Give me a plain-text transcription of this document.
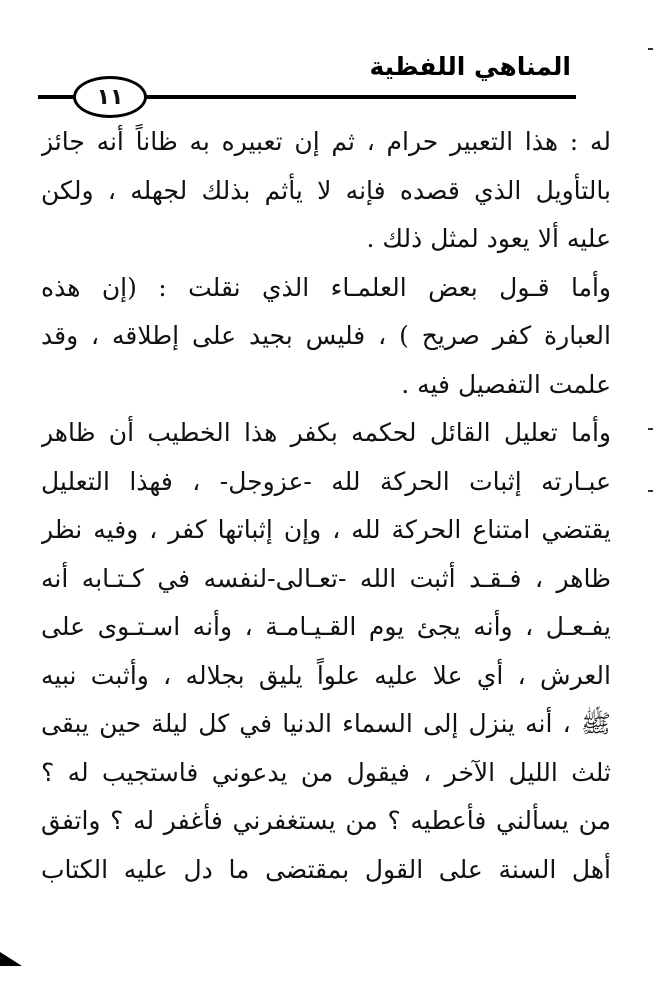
المناهي اللفظية
١١

له : هذا التعبير حرام ، ثم إن تعبيره به ظاناً أنه جائز
بالتأويل الذي قصده فإنه لا يأثم بذلك لجهله ، ولكن
عليه ألا يعود لمثل ذلك .

وأما قـول بعض العلمـاء الذي نقلت : (إن هذه
العبارة كفر صريح ) ، فليس بجيد على إطلاقه ، وقد
علمت التفصيل فيه .

وأما تعليل القائل لحكمه بكفر هذا الخطيب أن ظاهر
عبـارته إثبات الحركة لله -عزوجل- ، فهذا التعليل
يقتضي امتناع الحركة لله ، وإن إثباتها كفر ، وفيه نظر
ظاهر ، فـقـد أثبت الله -تعـالى-لنفسه في كـتـابه أنه
يفـعـل ، وأنه يجئ يوم القـيـامـة ، وأنه اسـتـوى على
العرش ، أي علا عليه علواً يليق بجلاله ، وأثبت نبيه
ﷺ ، أنه ينزل إلى السماء الدنيا في كل ليلة حين يبقى
ثلث الليل الآخر ، فيقول من يدعوني فاستجيب له ؟
من يسألني فأعطيه ؟ من يستغفرني فأغفر له ؟ واتفق
أهل السنة على القول بمقتضى ما دل عليه الكتاب
